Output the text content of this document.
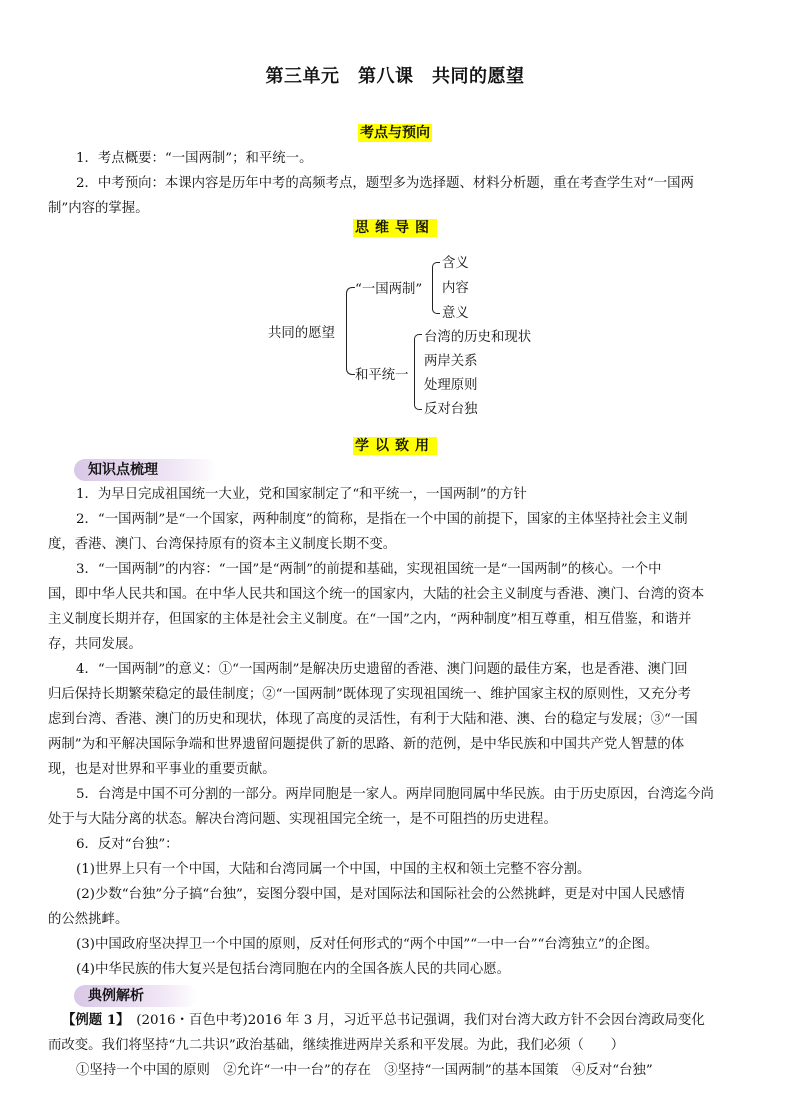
第三单元　第八课　共同的愿望
考点与预向
1．考点概要：“一国两制”；和平统一。
2．中考预向：本课内容是历年中考的高频考点，题型多为选择题、材料分析题，重在考查学生对“一国两
制”内容的掌握。
思维导图
共同的愿望
“一国两制”
和平统一
含义
内容
意义
台湾的历史和现状
两岸关系
处理原则
反对台独
学以致用
知识点梳理
1．为早日完成祖国统一大业，党和国家制定了“和平统一，一国两制”的方针
2．“一国两制”是“一个国家，两种制度”的简称，是指在一个中国的前提下，国家的主体坚持社会主义制
度，香港、澳门、台湾保持原有的资本主义制度长期不变。
3．“一国两制”的内容：“一国”是“两制”的前提和基础，实现祖国统一是“一国两制”的核心。一个中
国，即中华人民共和国。在中华人民共和国这个统一的国家内，大陆的社会主义制度与香港、澳门、台湾的资本
主义制度长期并存，但国家的主体是社会主义制度。在“一国”之内，“两种制度”相互尊重，相互借鉴，和谐并
存，共同发展。
4．“一国两制”的意义：①“一国两制”是解决历史遗留的香港、澳门问题的最佳方案，也是香港、澳门回
归后保持长期繁荣稳定的最佳制度；②“一国两制”既体现了实现祖国统一、维护国家主权的原则性，又充分考
虑到台湾、香港、澳门的历史和现状，体现了高度的灵活性，有利于大陆和港、澳、台的稳定与发展；③“一国
两制”为和平解决国际争端和世界遗留问题提供了新的思路、新的范例，是中华民族和中国共产党人智慧的体
现，也是对世界和平事业的重要贡献。
5．台湾是中国不可分割的一部分。两岸同胞是一家人。两岸同胞同属中华民族。由于历史原因，台湾迄今尚
处于与大陆分离的状态。解决台湾问题、实现祖国完全统一，是不可阻挡的历史进程。
6．反对“台独”：
(1)世界上只有一个中国，大陆和台湾同属一个中国，中国的主权和领土完整不容分割。
(2)少数“台独”分子搞“台独”，妄图分裂中国，是对国际法和国际社会的公然挑衅，更是对中国人民感情
的公然挑衅。
(3)中国政府坚决捍卫一个中国的原则，反对任何形式的“两个中国”“一中一台”“台湾独立”的企图。
(4)中华民族的伟大复兴是包括台湾同胞在内的全国各族人民的共同心愿。
典例解析
【例题 1】　(2016・百色中考)2016 年 3 月，习近平总书记强调，我们对台湾大政方针不会因台湾政局变化
而改变。我们将坚持“九二共识”政治基础，继续推进两岸关系和平发展。为此，我们必须（　　）
①坚持一个中国的原则　②允许“一中一台”的存在　③坚持“一国两制”的基本国策　④反对“台独”
